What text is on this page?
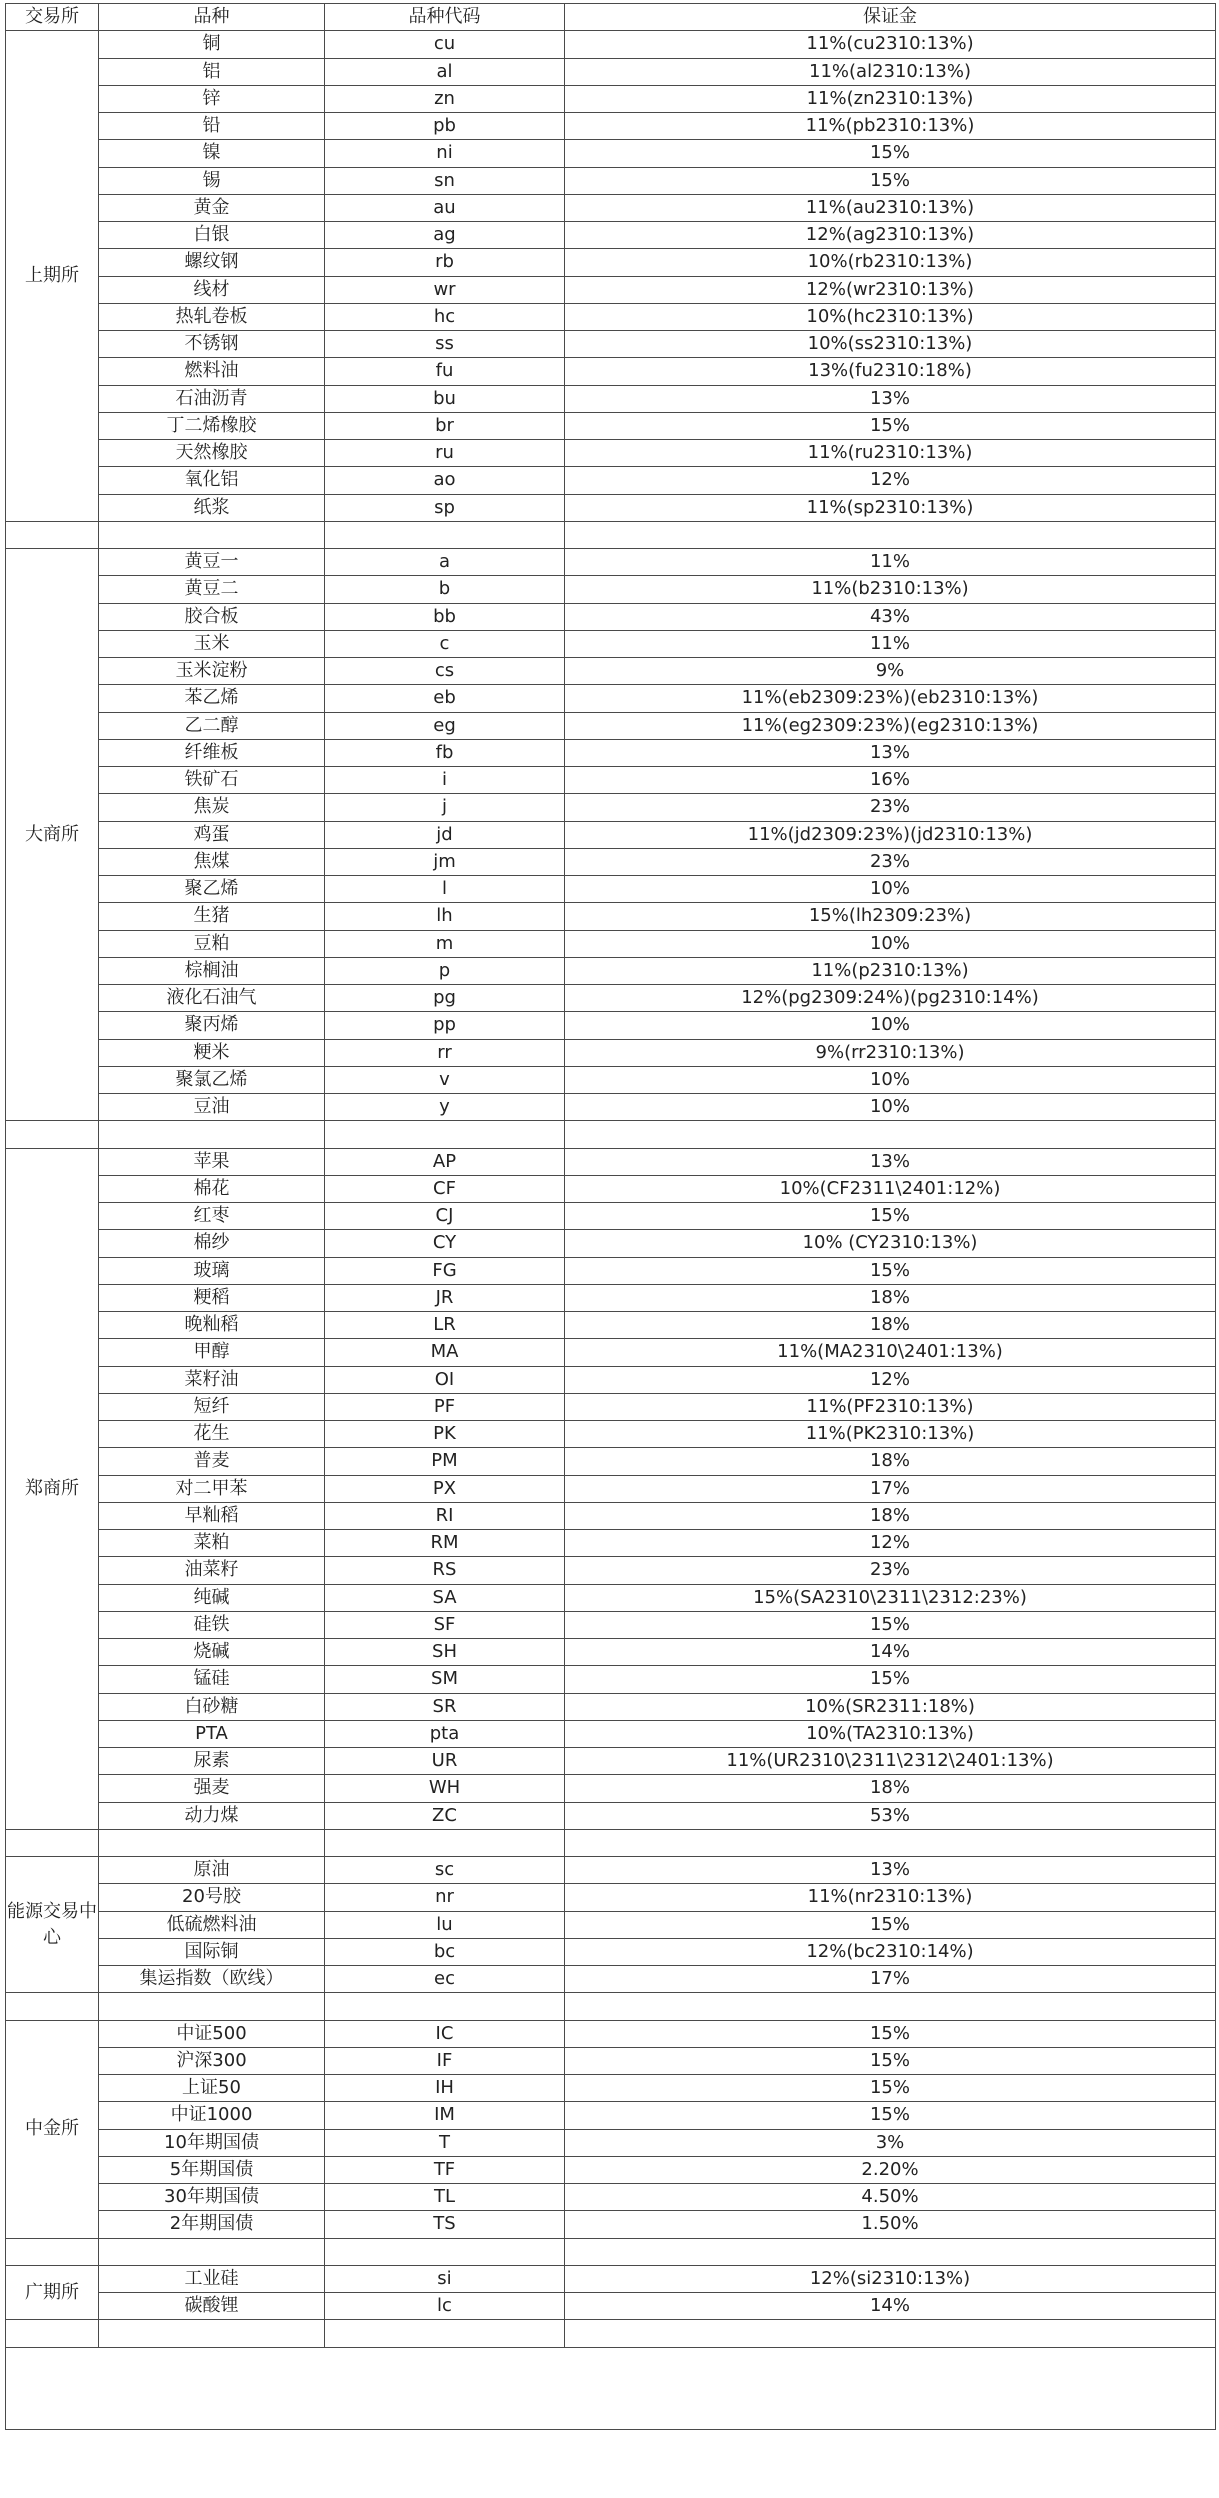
交易所	品种	品种代码	保证金
上期所	铜	cu	11%(cu2310:13%)
	铝	al	11%(al2310:13%)
	锌	zn	11%(zn2310:13%)
	铅	pb	11%(pb2310:13%)
	镍	ni	15%
	锡	sn	15%
	黄金	au	11%(au2310:13%)
	白银	ag	12%(ag2310:13%)
	螺纹钢	rb	10%(rb2310:13%)
	线材	wr	12%(wr2310:13%)
	热轧卷板	hc	10%(hc2310:13%)
	不锈钢	ss	10%(ss2310:13%)
	燃料油	fu	13%(fu2310:18%)
	石油沥青	bu	13%
	丁二烯橡胶	br	15%
	天然橡胶	ru	11%(ru2310:13%)
	氧化铝	ao	12%
	纸浆	sp	11%(sp2310:13%)

大商所	黄豆一	a	11%
	黄豆二	b	11%(b2310:13%)
	胶合板	bb	43%
	玉米	c	11%
	玉米淀粉	cs	9%
	苯乙烯	eb	11%(eb2309:23%)(eb2310:13%)
	乙二醇	eg	11%(eg2309:23%)(eg2310:13%)
	纤维板	fb	13%
	铁矿石	i	16%
	焦炭	j	23%
	鸡蛋	jd	11%(jd2309:23%)(jd2310:13%)
	焦煤	jm	23%
	聚乙烯	l	10%
	生猪	lh	15%(lh2309:23%)
	豆粕	m	10%
	棕榈油	p	11%(p2310:13%)
	液化石油气	pg	12%(pg2309:24%)(pg2310:14%)
	聚丙烯	pp	10%
	粳米	rr	9%(rr2310:13%)
	聚氯乙烯	v	10%
	豆油	y	10%

郑商所	苹果	AP	13%
	棉花	CF	10%(CF2311\2401:12%)
	红枣	CJ	15%
	棉纱	CY	10% (CY2310:13%)
	玻璃	FG	15%
	粳稻	JR	18%
	晚籼稻	LR	18%
	甲醇	MA	11%(MA2310\2401:13%)
	菜籽油	OI	12%
	短纤	PF	11%(PF2310:13%)
	花生	PK	11%(PK2310:13%)
	普麦	PM	18%
	对二甲苯	PX	17%
	早籼稻	RI	18%
	菜粕	RM	12%
	油菜籽	RS	23%
	纯碱	SA	15%(SA2310\2311\2312:23%)
	硅铁	SF	15%
	烧碱	SH	14%
	锰硅	SM	15%
	白砂糖	SR	10%(SR2311:18%)
	PTA	pta	10%(TA2310:13%)
	尿素	UR	11%(UR2310\2311\2312\2401:13%)
	强麦	WH	18%
	动力煤	ZC	53%

能源交易中心	原油	sc	13%
	20号胶	nr	11%(nr2310:13%)
	低硫燃料油	lu	15%
	国际铜	bc	12%(bc2310:14%)
	集运指数（欧线）	ec	17%

中金所	中证500	IC	15%
	沪深300	IF	15%
	上证50	IH	15%
	中证1000	IM	15%
	10年期国债	T	3%
	5年期国债	TF	2.20%
	30年期国债	TL	4.50%
	2年期国债	TS	1.50%

广期所	工业硅	si	12%(si2310:13%)
	碳酸锂	lc	14%
